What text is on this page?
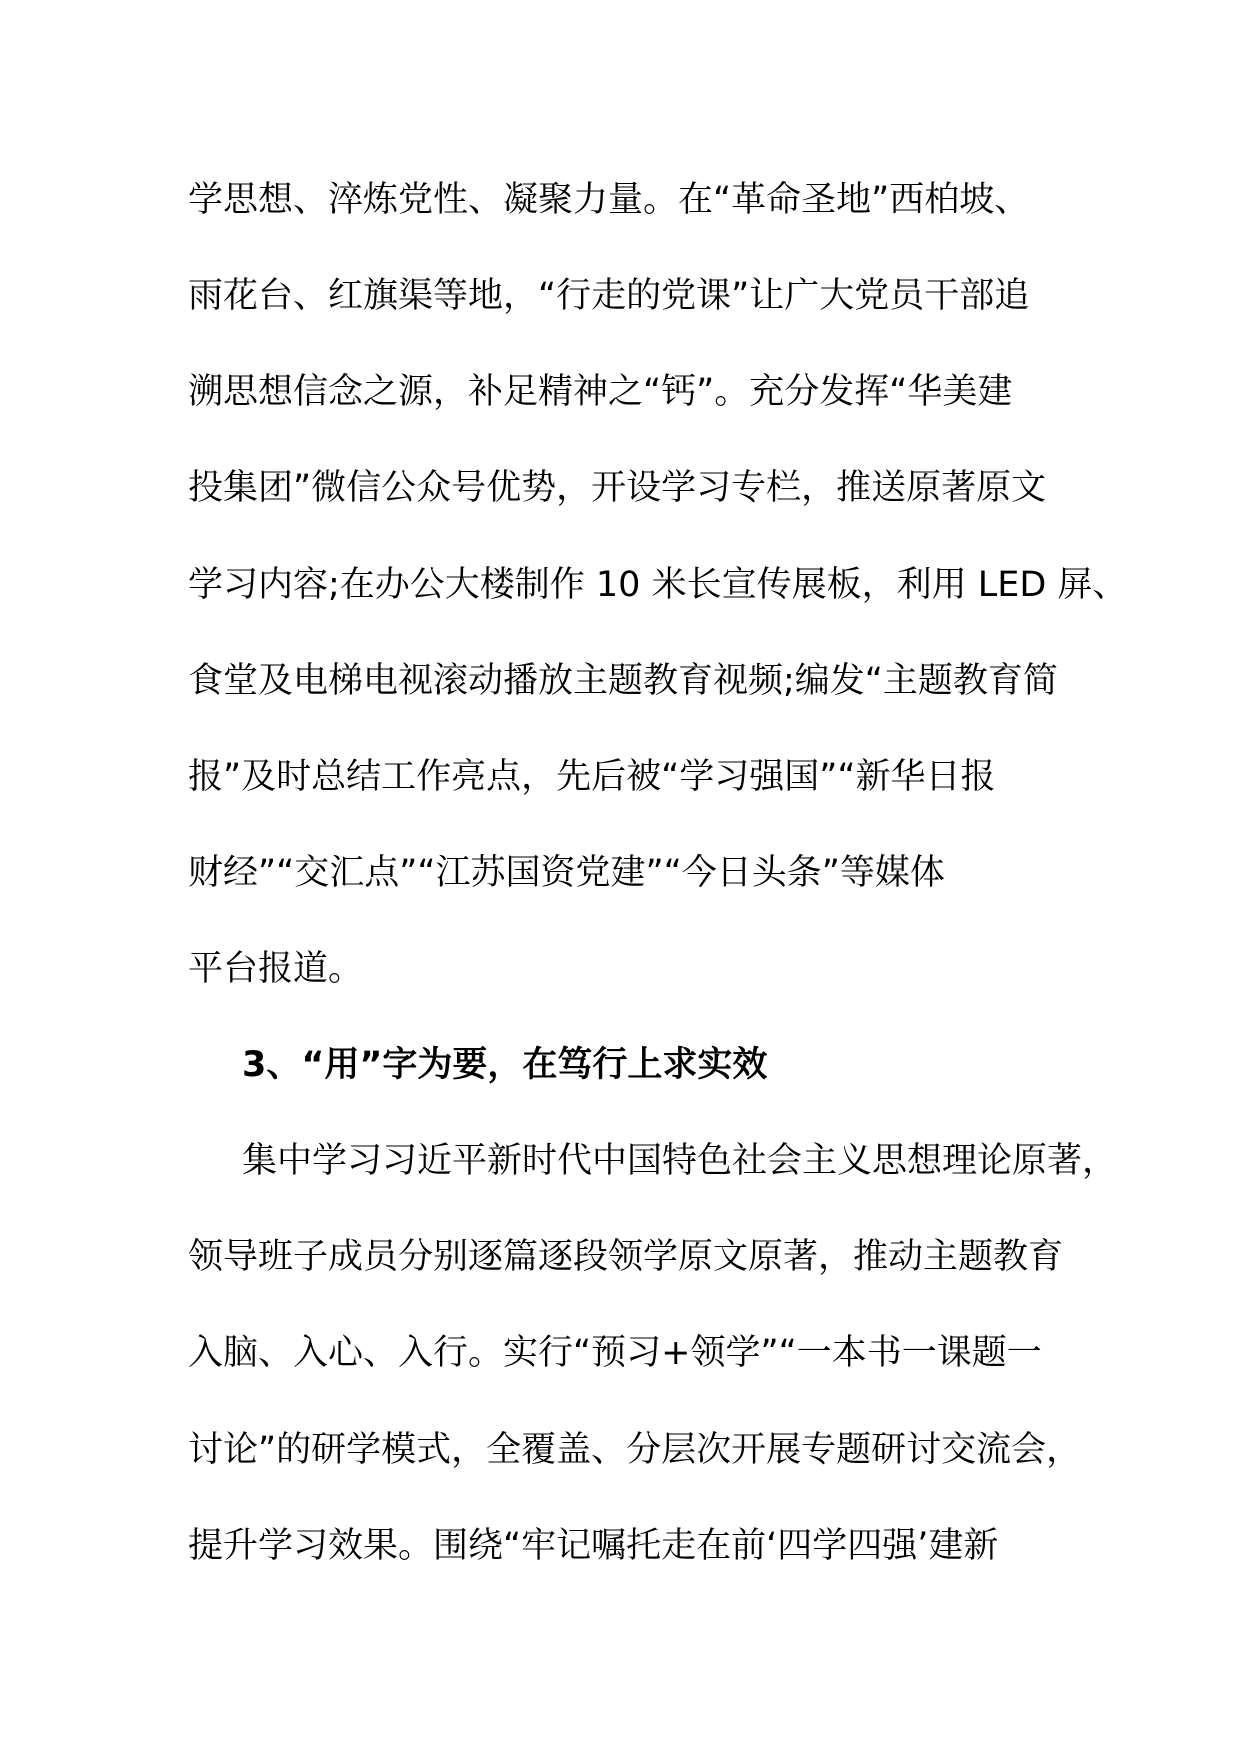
学思想、淬炼党性、凝聚力量。在“革命圣地”西柏坡、
雨花台、红旗渠等地，“行走的党课”让广大党员干部追
溯思想信念之源，补足精神之“钙”。充分发挥“华美建
投集团”微信公众号优势，开设学习专栏，推送原著原文
学习内容;在办公大楼制作 10 米长宣传展板，利用 LED 屏、
食堂及电梯电视滚动播放主题教育视频;编发“主题教育简
报”及时总结工作亮点，先后被“学习强国”“新华日报
财经”“交汇点”“江苏国资党建”“今日头条”等媒体
平台报道。
3、“用”字为要，在笃行上求实效
集中学习习近平新时代中国特色社会主义思想理论原著，
领导班子成员分别逐篇逐段领学原文原著，推动主题教育
入脑、入心、入行。实行“预习+领学”“一本书一课题一
讨论”的研学模式，全覆盖、分层次开展专题研讨交流会，
提升学习效果。围绕“牢记嘱托走在前‘四学四强’建新
